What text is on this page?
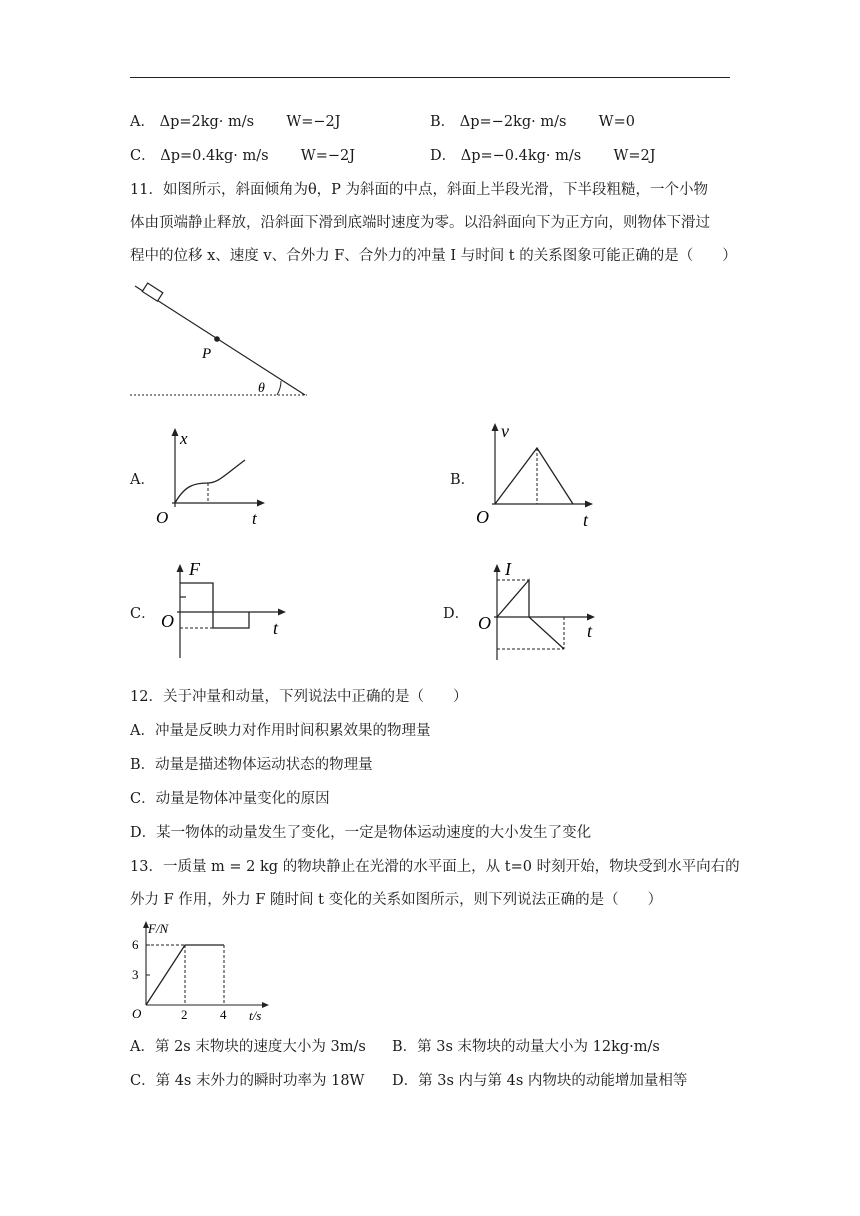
A． Δp=2kg· m/s       W=−2J	B． Δp=−2kg· m/s       W=0
C． Δp=0.4kg· m/s       W=−2J	D． Δp=−0.4kg· m/s       W=2J
11．如图所示，斜面倾角为θ，P 为斜面的中点，斜面上半段光滑，下半段粗糙，一个小物
体由顶端静止释放，沿斜面下滑到底端时速度为零。以沿斜面向下为正方向，则物体下滑过
程中的位移 x、速度 v、合外力 F、合外力的冲量 I 与时间 t 的关系图象可能正确的是（　　）
P
θ
A．
x
t
O
B．
v
t
O
C．
F
t
O	D．
I
t
O
12．关于冲量和动量，下列说法中正确的是（　　）
A．冲量是反映力对作用时间积累效果的物理量
B．动量是描述物体运动状态的物理量
C．动量是物体冲量变化的原因
D．某一物体的动量发生了变化，一定是物体运动速度的大小发生了变化
13．一质量 m = 2 kg 的物块静止在光滑的水平面上，从 t=0 时刻开始，物块受到水平向右的
外力 F 作用，外力 F 随时间 t 变化的关系如图所示，则下列说法正确的是（　　）
F/N
t/s
O
6
3
2	4
A．第 2s 末物块的速度大小为 3m/s B．第 3s 末物块的动量大小为 12kg·m/s
C．第 4s 末外力的瞬时功率为 18W D．第 3s 内与第 4s 内物块的动能增加量相等
